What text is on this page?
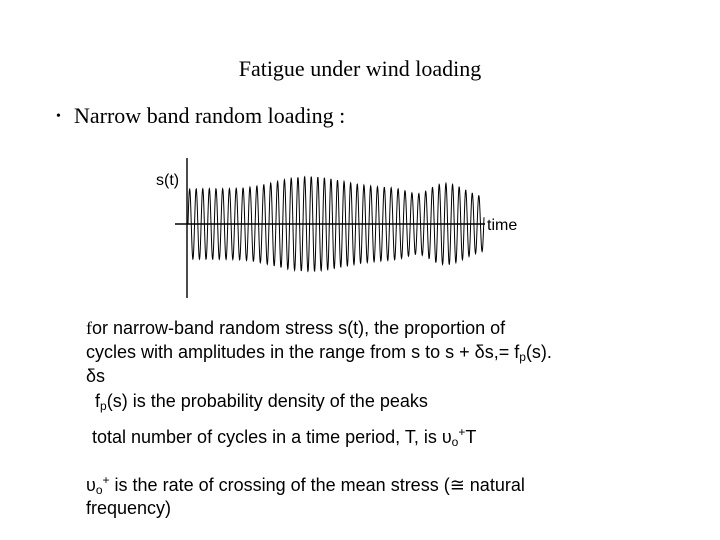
Fatigue under wind loading
• Narrow band random loading :
s(t)
time
for narrow-band random stress s(t), the proportion of
cycles with amplitudes in the range from s to $s + \delta s,= f_p(s)$.
δs
$f_p(s)$ is the probability density of the peaks
total number of cycles in a time period, T, is $\upsilon_o^+T$
$\upsilon_o^+$ is the rate of crossing of the mean stress (≅ natural
frequency)
